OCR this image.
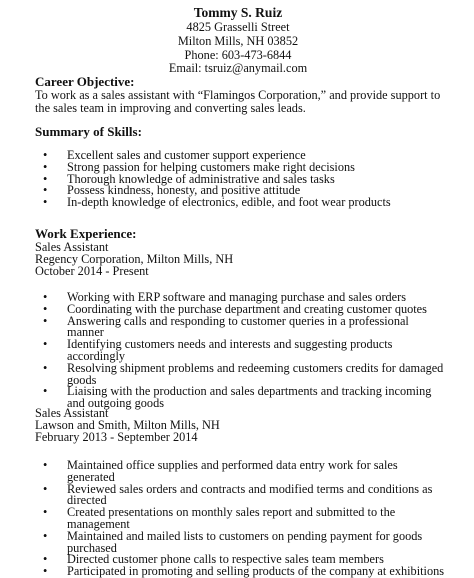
Tommy S. Ruiz
4825 Grasselli Street
Milton Mills, NH 03852
Phone: 603-473-6844
Email: tsruiz@anymail.com
Career Objective:
To work as a sales assistant with “Flamingos Corporation,” and provide support to the sales team in improving and converting sales leads.
Summary of Skills:
• Excellent sales and customer support experience
• Strong passion for helping customers make right decisions
• Thorough knowledge of administrative and sales tasks
• Possess kindness, honesty, and positive attitude
• In-depth knowledge of electronics, edible, and foot wear products
Work Experience:
Sales Assistant
Regency Corporation, Milton Mills, NH
October 2014 - Present
• Working with ERP software and managing purchase and sales orders
• Coordinating with the purchase department and creating customer quotes
• Answering calls and responding to customer queries in a professional manner
• Identifying customers needs and interests and suggesting products accordingly
• Resolving shipment problems and redeeming customers credits for damaged goods
• Liaising with the production and sales departments and tracking incoming and outgoing goods
Sales Assistant
Lawson and Smith, Milton Mills, NH
February 2013 - September 2014
• Maintained office supplies and performed data entry work for sales generated
• Reviewed sales orders and contracts and modified terms and conditions as directed
• Created presentations on monthly sales report and submitted to the management
• Maintained and mailed lists to customers on pending payment for goods purchased
• Directed customer phone calls to respective sales team members
• Participated in promoting and selling products of the company at exhibitions
